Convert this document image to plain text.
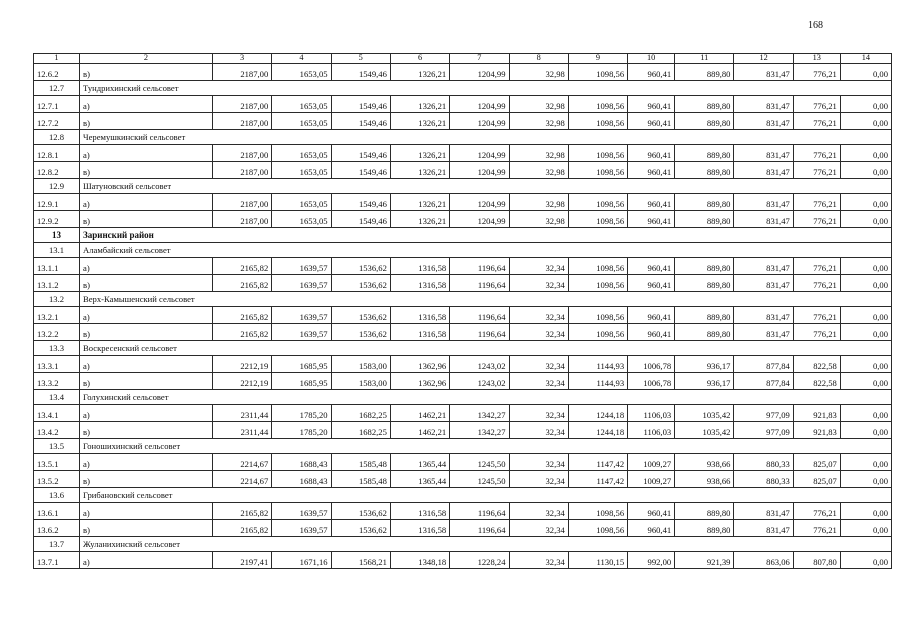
168
1	2	3	4	5	6	7	8	9	10	11	12	13	14
12.6.2	в)	2187,00	1653,05	1549,46	1326,21	1204,99	32,98	1098,56	960,41	889,80	831,47	776,21	0,00
12.7	Тундрихинский сельсовет												
12.7.1	а)	2187,00	1653,05	1549,46	1326,21	1204,99	32,98	1098,56	960,41	889,80	831,47	776,21	0,00
12.7.2	в)	2187,00	1653,05	1549,46	1326,21	1204,99	32,98	1098,56	960,41	889,80	831,47	776,21	0,00
12.8	Черемушкинский сельсовет												
12.8.1	а)	2187,00	1653,05	1549,46	1326,21	1204,99	32,98	1098,56	960,41	889,80	831,47	776,21	0,00
12.8.2	в)	2187,00	1653,05	1549,46	1326,21	1204,99	32,98	1098,56	960,41	889,80	831,47	776,21	0,00
12.9	Шатуновский сельсовет												
12.9.1	а)	2187,00	1653,05	1549,46	1326,21	1204,99	32,98	1098,56	960,41	889,80	831,47	776,21	0,00
12.9.2	в)	2187,00	1653,05	1549,46	1326,21	1204,99	32,98	1098,56	960,41	889,80	831,47	776,21	0,00
13	Заринский район												
13.1	Аламбайский сельсовет												
13.1.1	а)	2165,82	1639,57	1536,62	1316,58	1196,64	32,34	1098,56	960,41	889,80	831,47	776,21	0,00
13.1.2	в)	2165,82	1639,57	1536,62	1316,58	1196,64	32,34	1098,56	960,41	889,80	831,47	776,21	0,00
13.2	Верх-Камышенский сельсовет												
13.2.1	а)	2165,82	1639,57	1536,62	1316,58	1196,64	32,34	1098,56	960,41	889,80	831,47	776,21	0,00
13.2.2	в)	2165,82	1639,57	1536,62	1316,58	1196,64	32,34	1098,56	960,41	889,80	831,47	776,21	0,00
13.3	Воскресенский сельсовет												
13.3.1	а)	2212,19	1685,95	1583,00	1362,96	1243,02	32,34	1144,93	1006,78	936,17	877,84	822,58	0,00
13.3.2	в)	2212,19	1685,95	1583,00	1362,96	1243,02	32,34	1144,93	1006,78	936,17	877,84	822,58	0,00
13.4	Голухинский сельсовет												
13.4.1	а)	2311,44	1785,20	1682,25	1462,21	1342,27	32,34	1244,18	1106,03	1035,42	977,09	921,83	0,00
13.4.2	в)	2311,44	1785,20	1682,25	1462,21	1342,27	32,34	1244,18	1106,03	1035,42	977,09	921,83	0,00
13.5	Гоношихинский сельсовет												
13.5.1	а)	2214,67	1688,43	1585,48	1365,44	1245,50	32,34	1147,42	1009,27	938,66	880,33	825,07	0,00
13.5.2	в)	2214,67	1688,43	1585,48	1365,44	1245,50	32,34	1147,42	1009,27	938,66	880,33	825,07	0,00
13.6	Грибановский сельсовет												
13.6.1	а)	2165,82	1639,57	1536,62	1316,58	1196,64	32,34	1098,56	960,41	889,80	831,47	776,21	0,00
13.6.2	в)	2165,82	1639,57	1536,62	1316,58	1196,64	32,34	1098,56	960,41	889,80	831,47	776,21	0,00
13.7	Жуланихинский сельсовет												
13.7.1	а)	2197,41	1671,16	1568,21	1348,18	1228,24	32,34	1130,15	992,00	921,39	863,06	807,80	0,00
